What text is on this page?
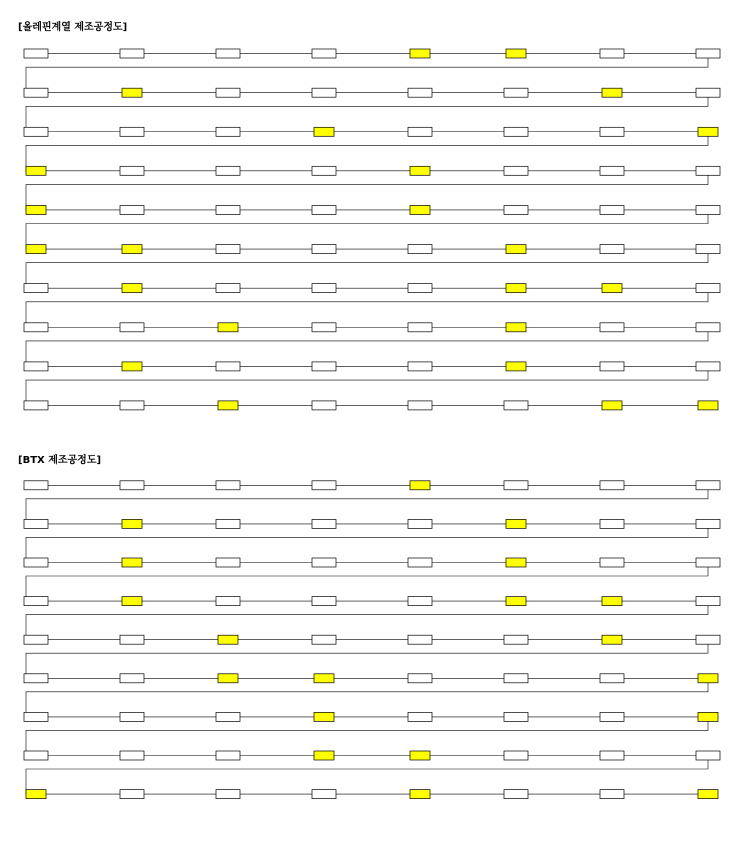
[올레핀계열 제조공정도]
[BTX 제조공정도]
